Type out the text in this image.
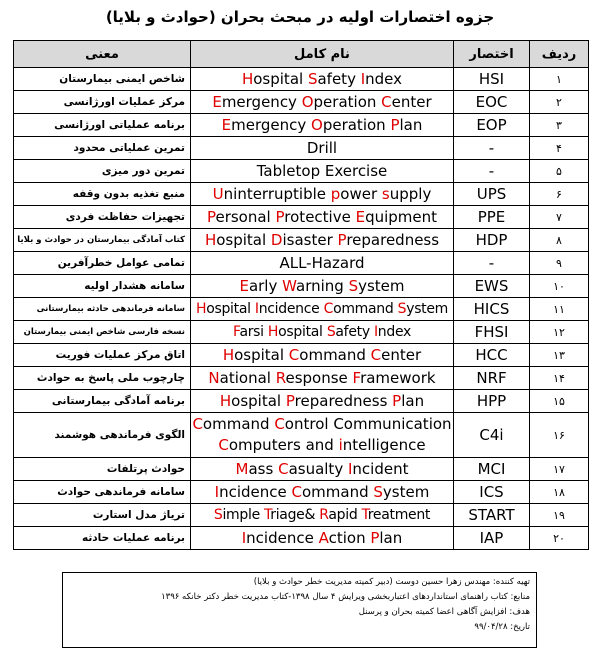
جزوه اختصارات اولیه در مبحث بحران (حوادث و بلایا)
معنی	نام کامل	اختصار	ردیف
شاخص ایمنی بیمارستان	Hospital Safety Index	HSI	۱
مرکز عملیات اورژانسی	Emergency Operation Center	EOC	۲
برنامه عملیاتی اورژانسی	Emergency Operation Plan	EOP	۳
تمرین عملیاتی محدود	Drill	-	۴
تمرین دور میزی	Tabletop Exercise	-	۵
منبع تغذیه بدون وقفه	Uninterruptible power supply	UPS	۶
تجهیزات حفاظت فردی	Personal Protective Equipment	PPE	۷
کتاب آمادگی بیمارستان در حوادث و بلایا	Hospital Disaster Preparedness	HDP	۸
تمامی عوامل خطرآفرین	ALL-Hazard	-	۹
سامانه هشدار اولیه	Early Warning System	EWS	۱۰
سامانه فرماندهی حادثه بیمارستانی	Hospital Incidence Command System	HICS	۱۱
نسخه فارسی شاخص ایمنی بیمارستان	Farsi Hospital Safety Index	FHSI	۱۲
اتاق مرکز عملیات فوریت	Hospital Command Center	HCC	۱۳
چارچوب ملی پاسخ به حوادث	National Response Framework	NRF	۱۴
برنامه آمادگی بیمارستانی	Hospital Preparedness Plan	HPP	۱۵
الگوی فرماندهی هوشمند	Command Control Communication
Computers and intelligence	C4i	۱۶
حوادث پرتلفات	Mass Casualty Incident	MCI	۱۷
سامانه فرماندهی حوادث	Incidence Command System	ICS	۱۸
تریاژ مدل استارت	Simple Triage& Rapid Treatment	START	۱۹
برنامه عملیات حادثه	Incidence Action Plan	IAP	۲۰
تهیه کننده: مهندس زهرا حسین دوست (دبیر کمیته مدیریت خطر حوادث و بلایا)
منابع: کتاب راهنمای استانداردهای اعتباربخشی ویرایش ۴ سال ۱۳۹۸-کتاب مدیریت خطر دکتر خانکه ۱۳۹۶
هدف: افزایش آگاهی اعضا کمیته بحران و پرسنل
تاریخ: ۹۹/۰۴/۲۸
